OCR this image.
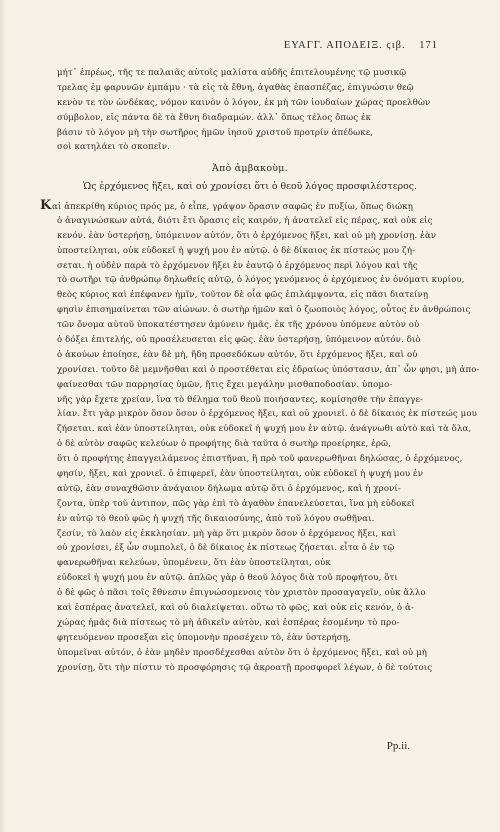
ΕΥΑΓΓ. ΑΠΟΔΕΙΞ. ϛιβ. 171
μήτ᾽ ἐπρέως, τῆς τε παλαιᾶς αὐτοῖς μαλίστα αὐδῆς ἐπιτελουμένης τῷ μυσικῷ
τρελας ἐμ φαρυνῶν ἐμπάμυ · τὰ εἰς τὰ ἔθνη, ἀγαθὰς ἐπασπέζας, ἐπιγνώσιν θεῷ
κενὸν τε τὸν ὠνδέκας, νόμον καινὸν ὁ λόγον, ἐκ μὴ τῶν ἰουδαίων χώρας προελθὼν
σύμβολον, εἰς πάντα δὲ τὰ ἔθνη διαδραμών. ἀλλ᾽ ὅπως τέλος ὄπως ἐκ
βάσιν τὸ λόγον μὴ τὴν σωτῆρος ἡμῶν ἰησοῦ χριστοῦ προτρίν ἀπέδωκε,
σοὶ κατηλάει τὸ σκοπεῖν.
Ἀπὸ ἀμβακοὺμ.
Ὡς ἐρχόμενος ἥξει, καὶ οὐ χρονίσει ὅτι ὁ θεοῦ λόγος προσφιλέστερος.
Καἰ ἀπεκρίθη κύριος πρός με, ὁ εἶπε, γράψον ὅρασιν σαφῶς ἐν πυξίω, ὅπως διώκῃ
ὁ ἀναγινώσκων αὐτά, διότι ἔτι ὅρασις εἰς καιρόν, ἡ ἀνατελεῖ εἰς πέρας, καὶ οὐκ εἰς
κενόν. ἐὰν ὑστερήσῃ, ὑπόμεινον αὐτόν, ὅτι ὁ ἐρχόμενος ἥξει, καὶ οὐ μὴ χρονίσῃ. ἐὰν
ὑποστείληται, οὐκ εὐδοκεῖ ἡ ψυχή μου ἐν αὐτῷ. ὁ δὲ δίκαιος ἐκ πίστεώς μου ζή-
σεται. ἡ οὐδὲν παρὰ τὸ ἐρχόμενον ἥξει ἐν ἑαυτῷ ὁ ἐρχόμενος περὶ λόγου καὶ τῆς
τὸ σωτῆρι τῷ ἀνθρώπῳ δηλωθείς αὐτῷ, ὁ λόγος γενόμενος ὁ ἐρχόμενος ἐν ὀνόματι κυρίου,
θεὸς κύριος καὶ ἐπέφανεν ἡμῖν, τοῦτον δὲ οἷα φῶς ἐπιλάμψοντα, εἰς πᾶσι διατείνῃ
φησὶν ἐπισημαίνεται τῶν αἰώνων. ὁ σωτὴρ ἡμῶν καὶ ὁ ζωοποιὸς λόγος, οὗτος ἐν ἀνθρώποις
τῶν ὄνομα αὐτοῦ ὑποκατέστησεν ἀμύνειν ἡμᾶς. ἐκ τῆς χρόνου ὑπόμενε αὐτὸν οὐ
ὁ δόξει ἐπιτελής, οὐ προσέλευσεται εἰς φῶς. ἐὰν ὑστερήσῃ, ὑπόμεινον αὐτόν. διὸ
ὁ ἀκούων ἐποίησε, ἐὰν δὲ μὴ, ἤδη προσεδόκων αὐτόν, ὅτι ἐρχόμενος ἥξει, καὶ οὐ
χρονίσει. τοῦτο δὲ μεμνῆσθαι καὶ ὁ προστέθεται εἰς ἑδραίως ὑπόστασιν, ἀπ᾽ ὧν φησι, μὴ ἀπο-
φαίνεσθαι τῶν παρρησίας ὑμῶν, ἥτις ἔχει μεγάλην μισθαποδοσίαν. ὑπομο-
νῆς γὰρ ἔχετε χρείαν, ἵνα τὸ θέλημα τοῦ θεοῦ ποιήσαντες, κομίσησθε τὴν ἐπαγγε-
λίαν. ἔτι γὰρ μικρὸν ὅσον ὅσον ὁ ἐρχόμενος ἥξει, καὶ οὐ χρονιεῖ. ὁ δὲ δίκαιος ἐκ πίστεώς μου
ζήσεται. καὶ ἐὰν ὑποστείληται, οὐκ εὐδοκεῖ ἡ ψυχή μου ἐν αὐτῷ. ἀνάγνωθι αὐτὸ καὶ τὰ ὅλα,
ὁ δὲ αὐτὸν σαφῶς κελεύων ὁ προφήτης διὰ ταῦτα ὁ σωτὴρ προείρηκε, ἐρῶ,
ὅτι ὁ προφήτης ἐπαγγειλάμενος ἐπιστῆναι, ἢ πρὸ τοῦ φανερωθῆναι δηλώσας, ὁ ἐρχόμενος,
φησίν, ἥξει, καὶ χρονιεῖ. ὁ ἐπιφερεῖ, ἐὰν ὑποστείληται, οὐκ εὐδοκεῖ ἡ ψυχή μου ἐν
αὐτῷ, ἐὰν συναχθῶσιν ἀνάγαιον δήλωμα αὐτῷ ὅτι ὁ ἐρχόμενος, καὶ ἡ χρονί-
ζοντα, ὑπὲρ τοῦ ἀντιπον, πῶς γὰρ ἐπὶ τὸ ἀγαθὸν ἐπανελεύσεται, ἵνα μὴ εὐδοκεῖ
ἐν αὐτῷ τὸ θεοῦ φῶς ἡ ψυχή τῆς δικαιοσύνης, ἀπὸ τοῦ λόγου σωθῆναι.
ζεσίν, τὸ λαὸν εἰς ἐκκλησίαν. μὴ γὰρ ὅτι μικρὸν ὅσον ὁ ἐρχόμενος ἥξει, καὶ
οὐ χρονίσει, ἐξ ὧν συμπολεῖ, ὁ δὲ δίκαιος ἐκ πίστεως ζήσεται. εἶτα ὁ ἐν τῷ
φανερωθῆναι κελεύων, ὑπομένειν, ὅτι ἐὰν ὑποστείληται, οὐκ
εὐδοκεῖ ἡ ψυχή μου ἐν αὐτῷ. ἁπλῶς γὰρ ὁ θεοῦ λόγος διὰ τοῦ προφήτου, ὅτι
ὁ δὲ φῶς ὁ πᾶσι τοῖς ἔθνεσιν ἐπιγνώσομενοις τὸν χριστὸν προσαγαγεῖν, οὐκ ἄλλο
καὶ ἐσπέρας ἀνατελεῖ, καὶ οὐ διαλείψεται. οὕτω τὸ φῶς, καὶ οὐκ εἰς κενόν, ὁ ἀ-
χώρας ἡμᾶς διὰ πίστεως τὸ μὴ ἀδικεῖν αὐτὸν, καὶ ἐσπέρας ἐσομένην τὸ προ-
φητευόμενον προσεξαι εἰς ὑπομονὴν προσέχειν τὸ, ἐὰν ὑστερήσῃ,
ὑπομεῖναι αὐτόν, ὁ ἐὰν μηδὲν προσδέχεσθαι αὐτὸν ὅτι ὁ ἐρχόμενος ἥξει, καὶ οὐ μὴ
χρονίσῃ, ὅτι τὴν πίστιν τὸ προσφόρησις τῷ ἀκροατῇ προσφορεῖ λέγων, ὁ δὲ τούτοις
Pp.ii.
